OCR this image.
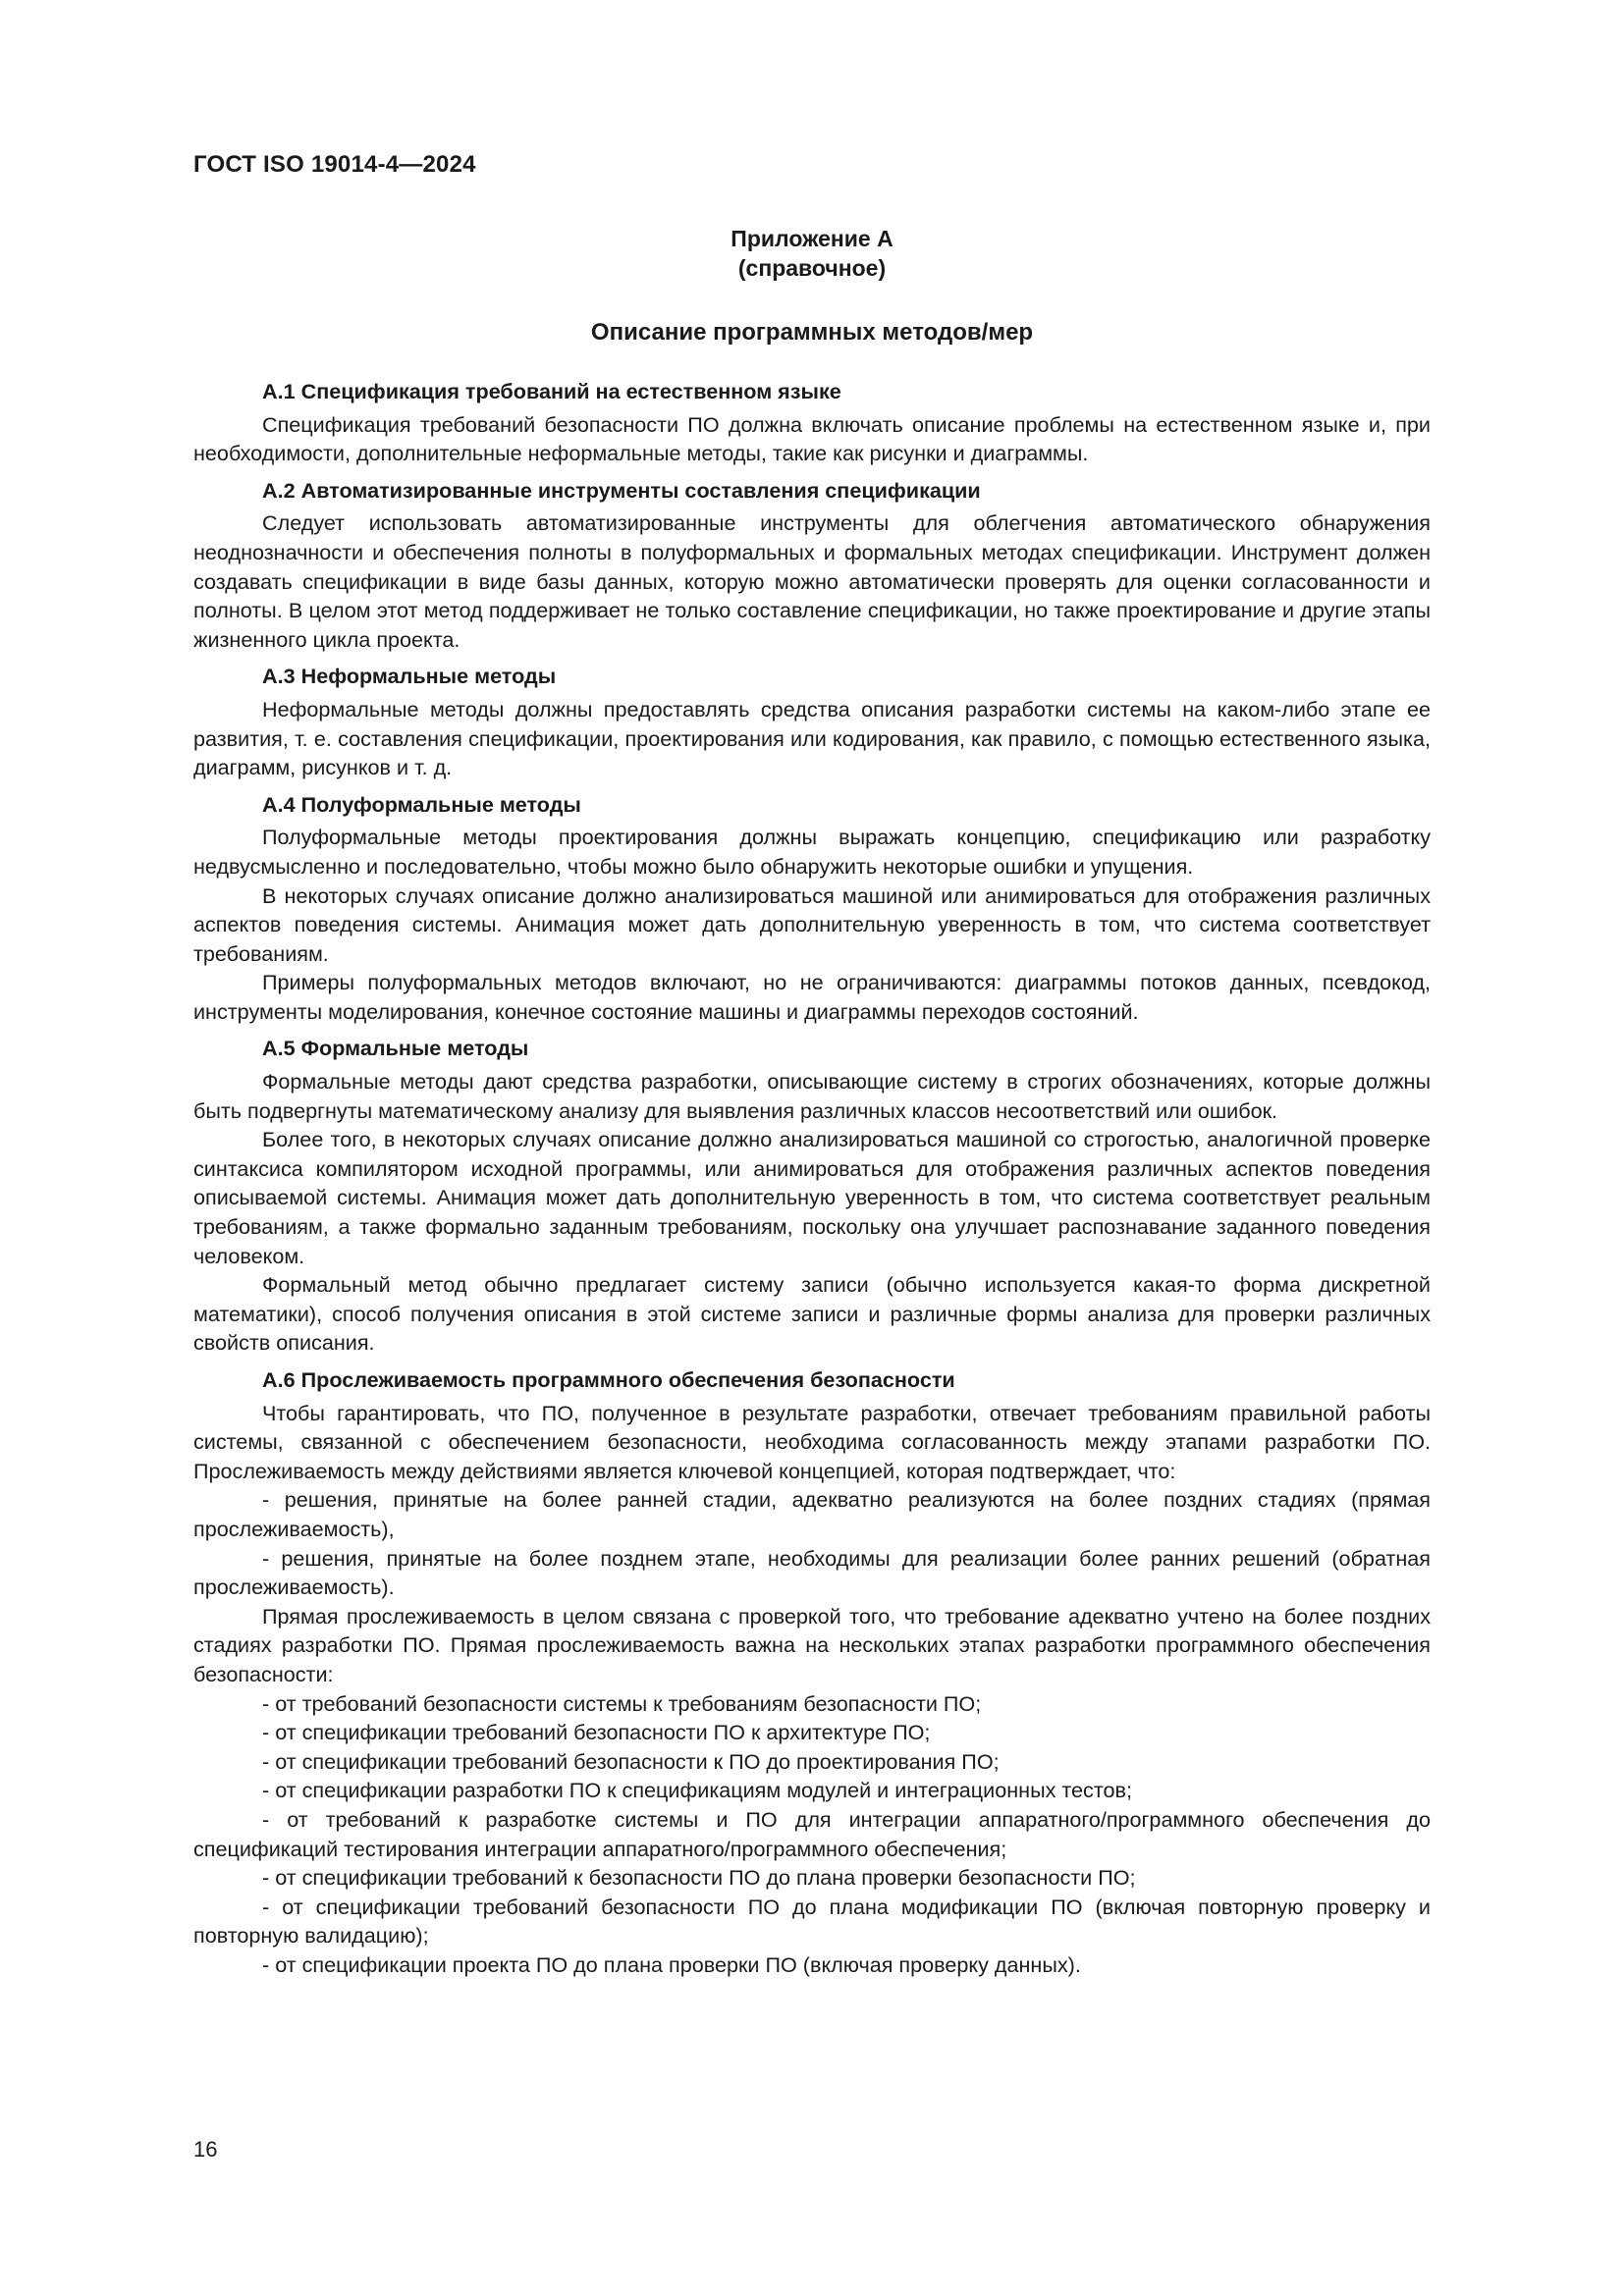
ГОСТ ISO 19014-4—2024
Приложение А
(справочное)
Описание программных методов/мер
А.1 Спецификация требований на естественном языке

Спецификация требований безопасности ПО должна включать описание проблемы на естественном языке и, при необходимости, дополнительные неформальные методы, такие как рисунки и диаграммы.

А.2 Автоматизированные инструменты составления спецификации

Следует использовать автоматизированные инструменты для облегчения автоматического обнаружения неоднозначности и обеспечения полноты в полуформальных и формальных методах спецификации. Инструмент должен создавать спецификации в виде базы данных, которую можно автоматически проверять для оценки согласованности и полноты. В целом этот метод поддерживает не только составление спецификации, но также проектирование и другие этапы жизненного цикла проекта.

А.3 Неформальные методы

Неформальные методы должны предоставлять средства описания разработки системы на каком-либо этапе ее развития, т. е. составления спецификации, проектирования или кодирования, как правило, с помощью естественного языка, диаграмм, рисунков и т. д.

А.4 Полуформальные методы

Полуформальные методы проектирования должны выражать концепцию, спецификацию или разработку недвусмысленно и последовательно, чтобы можно было обнаружить некоторые ошибки и упущения.

В некоторых случаях описание должно анализироваться машиной или анимироваться для отображения различных аспектов поведения системы. Анимация может дать дополнительную уверенность в том, что система соответствует требованиям.

Примеры полуформальных методов включают, но не ограничиваются: диаграммы потоков данных, псевдокод, инструменты моделирования, конечное состояние машины и диаграммы переходов состояний.

А.5 Формальные методы

Формальные методы дают средства разработки, описывающие систему в строгих обозначениях, которые должны быть подвергнуты математическому анализу для выявления различных классов несоответствий или ошибок.

Более того, в некоторых случаях описание должно анализироваться машиной со строгостью, аналогичной проверке синтаксиса компилятором исходной программы, или анимироваться для отображения различных аспектов поведения описываемой системы. Анимация может дать дополнительную уверенность в том, что система соответствует реальным требованиям, а также формально заданным требованиям, поскольку она улучшает распознавание заданного поведения человеком.

Формальный метод обычно предлагает систему записи (обычно используется какая-то форма дискретной математики), способ получения описания в этой системе записи и различные формы анализа для проверки различных свойств описания.

А.6 Прослеживаемость программного обеспечения безопасности

Чтобы гарантировать, что ПО, полученное в результате разработки, отвечает требованиям правильной работы системы, связанной с обеспечением безопасности, необходима согласованность между этапами разработки ПО. Прослеживаемость между действиями является ключевой концепцией, которая подтверждает, что:

- решения, принятые на более ранней стадии, адекватно реализуются на более поздних стадиях (прямая прослеживаемость),

- решения, принятые на более позднем этапе, необходимы для реализации более ранних решений (обратная прослеживаемость).

Прямая прослеживаемость в целом связана с проверкой того, что требование адекватно учтено на более поздних стадиях разработки ПО. Прямая прослеживаемость важна на нескольких этапах разработки программного обеспечения безопасности:

- от требований безопасности системы к требованиям безопасности ПО;

- от спецификации требований безопасности ПО к архитектуре ПО;

- от спецификации требований безопасности к ПО до проектирования ПО;

- от спецификации разработки ПО к спецификациям модулей и интеграционных тестов;

- от требований к разработке системы и ПО для интеграции аппаратного/программного обеспечения до спецификаций тестирования интеграции аппаратного/программного обеспечения;

- от спецификации требований к безопасности ПО до плана проверки безопасности ПО;

- от спецификации требований безопасности ПО до плана модификации ПО (включая повторную проверку и повторную валидацию);

- от спецификации проекта ПО до плана проверки ПО (включая проверку данных).

16
